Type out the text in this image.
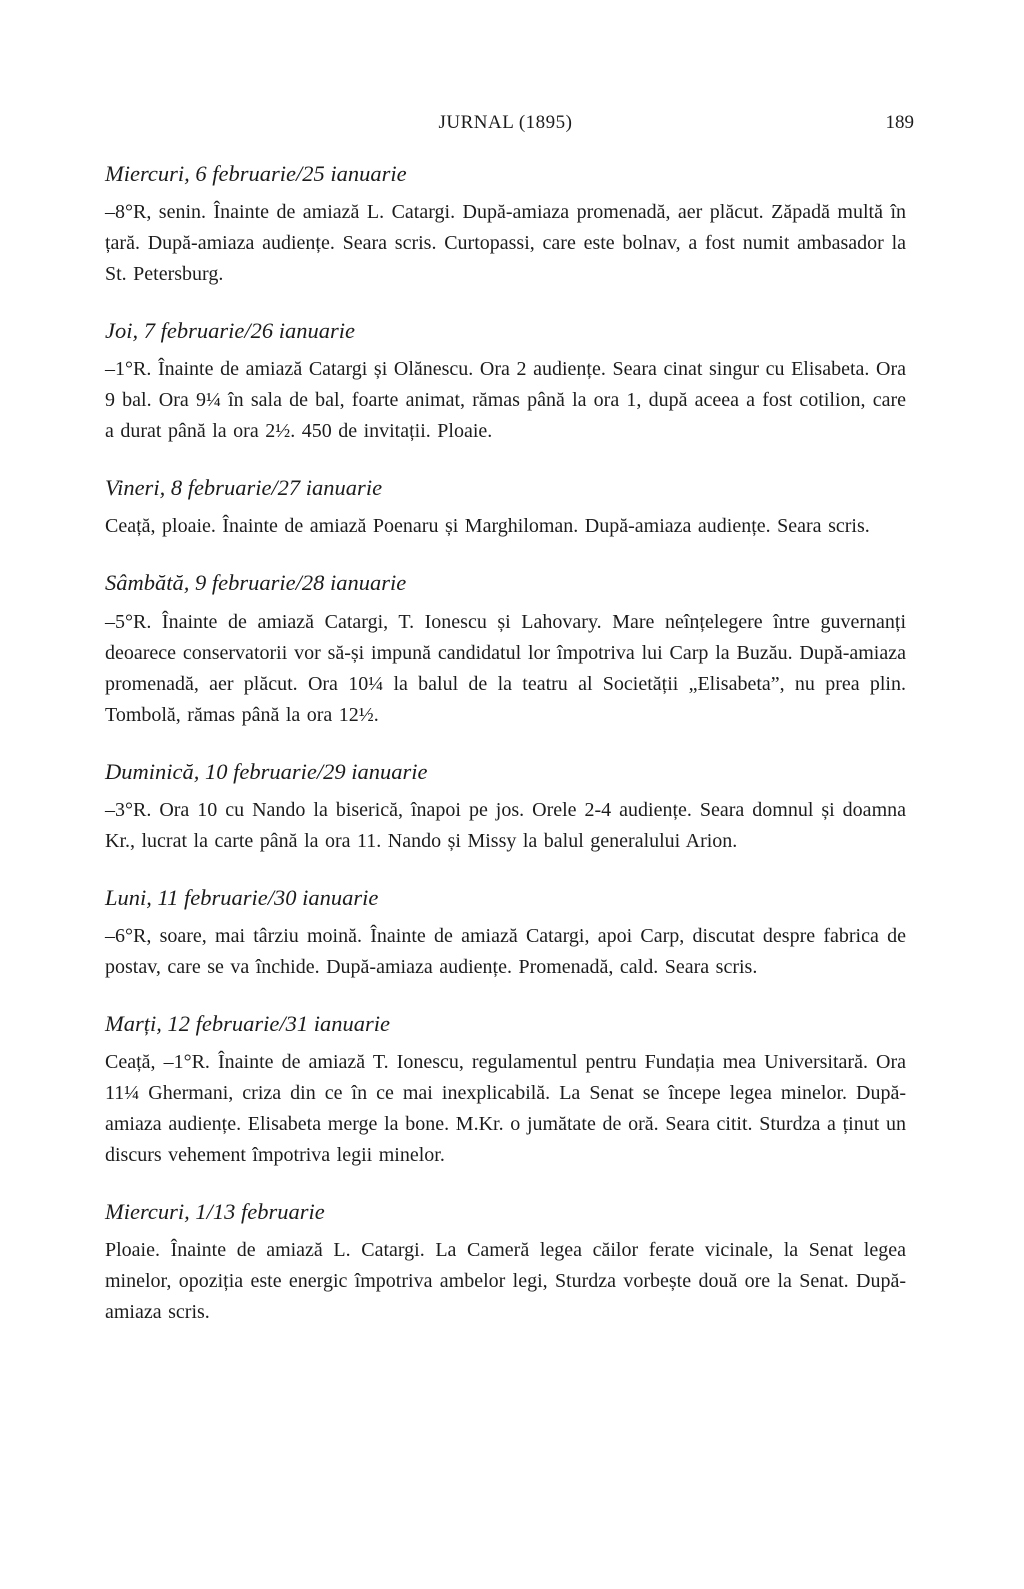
JURNAL (1895)	189
Miercuri, 6 februarie/25 ianuarie

–8°R, senin. Înainte de amiază L. Catargi. După-amiaza promenadă, aer plăcut. Zăpadă multă în țară. După-amiaza audiențe. Seara scris. Curtopassi, care este bolnav, a fost numit ambasador la St. Petersburg.

Joi, 7 februarie/26 ianuarie

–1°R. Înainte de amiază Catargi și Olănescu. Ora 2 audiențe. Seara cinat singur cu Elisabeta. Ora 9 bal. Ora 9¼ în sala de bal, foarte animat, rămas până la ora 1, după aceea a fost cotilion, care a durat până la ora 2½. 450 de invitații. Ploaie.

Vineri, 8 februarie/27 ianuarie

Ceață, ploaie. Înainte de amiază Poenaru și Marghiloman. După-amiaza audiențe. Seara scris.

Sâmbătă, 9 februarie/28 ianuarie

–5°R. Înainte de amiază Catargi, T. Ionescu și Lahovary. Mare neînțelegere între guvernanți deoarece conservatorii vor să-și impună candidatul lor împotriva lui Carp la Buzău. După-amiaza promenadă, aer plăcut. Ora 10¼ la balul de la teatru al Societății „Elisabeta”, nu prea plin. Tombolă, rămas până la ora 12½.

Duminică, 10 februarie/29 ianuarie

–3°R. Ora 10 cu Nando la biserică, înapoi pe jos. Orele 2-4 audiențe. Seara domnul și doamna Kr., lucrat la carte până la ora 11. Nando și Missy la balul generalului Arion.

Luni, 11 februarie/30 ianuarie

–6°R, soare, mai târziu moină. Înainte de amiază Catargi, apoi Carp, discutat despre fabrica de postav, care se va închide. După-amiaza audiențe. Promenadă, cald. Seara scris.

Marți, 12 februarie/31 ianuarie

Ceață, –1°R. Înainte de amiază T. Ionescu, regulamentul pentru Fundația mea Universitară. Ora 11¼ Ghermani, criza din ce în ce mai inexplicabilă. La Senat se începe legea minelor. După-amiaza audiențe. Elisabeta merge la bone. M.Kr. o jumătate de oră. Seara citit. Sturdza a ținut un discurs vehement împotriva legii minelor.

Miercuri, 1/13 februarie

Ploaie. Înainte de amiază L. Catargi. La Cameră legea căilor ferate vicinale, la Senat legea minelor, opoziția este energic împotriva ambelor legi, Sturdza vorbește două ore la Senat. După-amiaza scris.
